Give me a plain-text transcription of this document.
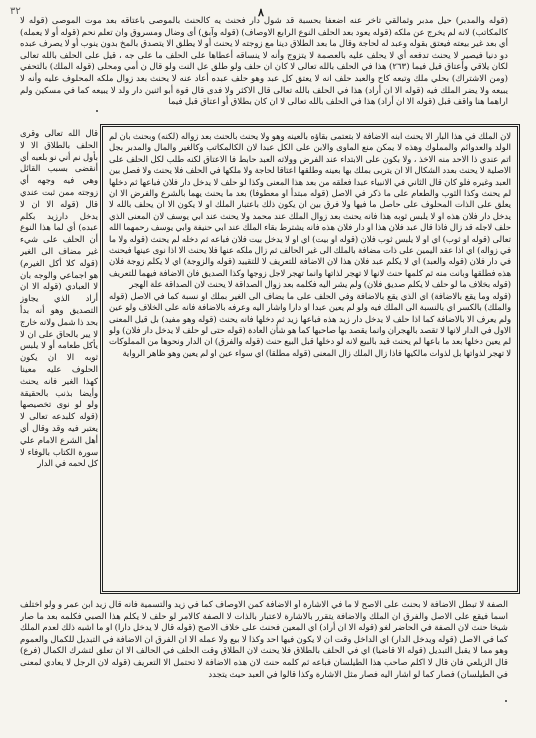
٣٢	٨

(قوله والمدبر) حيل مدبر وثمالقي تأخر عنه اضعفا بحسبة قد شول دار فحنث يه كالحنث بالموصى باعتاقه بعد موت الموصى (قوله لا كالمكاتب) لانه لم يخرج عن ملكه (قوله يعود بعد الحلف النوع الرابع الاوصاف) (قوله وآبق) أى وضال ومسروق وان تعلم نحم (قوله أو لا يعمله) أي بعد غير بيعته فيعتق بقوله وعبد له لحاجة وقال ما بعد الطلاق دينا مع زوجته لا يحنث أو لا يطلق الا يتصدق بالمخ بدون ينوب أو لا يصرف عبده دو دنيا فيصير لا يحنث تدفعه أي لا يحلف عليه بالعصمة لا يتزوج وأنه لا ينساقه أعطاها على الحلف ما على جه ، قيل على الحلف بالله تعالى لكان يلاقي وأعتاق قيل فيما (٢٦٣) هذا في الحلف بالله تعالى لا كان ان حلف ولو طلق عل النت ولو قال ن أمي ومحلى (قوله الملك) بالتحفي (ومن الاشتراك) بحلي ملك وتبعه كاح والعبد حلف انه لا يعتق كل عبد وهو حلف عبده أعاد عنه لا يحنث بعد زوال ملكه المحلوف عليه وأنه لا يبيعه ولا يضر الملك فيه (قوله الا ان أراد) هذا في الحلف بالله تعالى قال الاكثر ولا فدى قال قوة أبو اثنين دار ولد لا يبيعه كما في مسكين ولم اراهما هنا واقف قبل (قوله الا ان أراد) هذا في الحلف بالله تعالى لا ان كان بطلاق أو اعتاق قبل فيما

قال الله تعالى وقرى الحلف بالطلاق الا لا بأول نم أني نو بلعبه أي أنقضى بسبب القائل وهي فيه وجهه أي زوجته ممن ثبت عندي قال (قوله الا ان لا يدخل دارزيد بكلم عبده) أي لما هذا النوع أن الحلف على شيء غير مضاف الى الغير (قوله كلا أكل الغيرم) هو اجماعي والوجه بان لا العبادي (قوله الا ان أراد الذي يجاوز التصديق وهو أنه بدأ بحد ذا شمل ولانه خارج لا يبر بالحاق على ان لا يأكل طعامه أو لا يلبس ثوبه الا ان يكون الحلوف عليه معينا كهذا الغير فانه يحنث وأيضا بذنب بالحقيقة ولو لو نوى تخصيصها (قوله كلبدعه تعالى لا يعتبر فيه وقد وقال أي أهل الشرع الامام علي سورة الكتاب بالوفاء لا كل لحمه في الدار

لان الملك في هذا البار الا يحنث ابنه الاضافة لا بتعتمى بقاؤه بالعينه وهو ولا يحنث بالحنث بعد زواله (لكنه) وبحنث بان لم الولد والعدوائم والمملوك وهذه لا يمكن منع الماوى والابن على الكل عبدا لان الكالمكاتب وكالغير والمال والمدبر بجل اتم عندي ذا الاحد منه الاخذ ، ولا بكون على الابتداء عند الفرض وولاته العبد حابط فا الاعتاق لكنه طلب لكل الحلف على الاصلية لا يحنث بعدد الشكال الا ان يتربى بملك بها بعينه وطلقها اعتاقا لحاجة ولا ملكها في الحلف فلا يحنث ولا فصل بين العبد وغيره فلو كان قال الثاني في الانبياء عبدا فعلقه من بعد هذا المعنى وكذا لو حلف لا يدخل دار فلان فباعها ثم دخلها لم يحنث وكذا الثوب والطعام على ما ذكر في الاصل (قوله مبتدأ او معطوفا) بعد ما يحنث يهما بالشرع والفرض الا ان يعلق على الذات المحلوف على حاصل ما فيها ولا فرق بين ان يكون ذلك باعتبار الملك او لا يكون الا ان يحلف بالله لا يدخل دار فلان هذه او لا يلبس ثوبه هذا فانه يحنث بعد زوال الملك عند محمد ولا يحنث عند ابي يوسف لان المعنى الذي حلف لاجله قد زال فاذا قال عبد فلان هذا او دار فلان هذه فانه يشترط بقاء الملك عند ابي حنيفة وابي يوسف رحمهما الله تعالى (قوله او ثوب) اي او لا يلبس ثوب فلان (قوله او بيت) اي او لا يدخل بيت فلان فباعه ثم دخله لم يحنث (قوله ولا ما في زواله) اي اذا عقد اليمين على ذات مضافة بالملك الى غير الحالف ثم زال ملكه عنها فلا يحنث الا اذا نوى عينها فيحنث في دار فلان (قوله والعبد) اي لا يكلم عبد فلان هذا لان الاضافة للتعريف لا للتقييد (قوله والزوجة) اي لا يكلم زوجة فلان هذه فطلقها وبانت منه ثم كلمها حنث لانها لا تهجر لذاتها وانما تهجر لاجل زوجها وكذا الصديق فان الاضافة فيهما للتعريف (قوله بخلاف ما لو حلف لا يكلم صديق فلان) ولم يشر اليه فكلمه بعد زوال الصداقة لا يحنث لان الصداقة علة الهجر

(قوله وما يقع بالاضافة) اي الذي يقع بالاضافة وفي الحلف على ما يضاف الى الغير بملك او نسبة كما في الاصل (قوله والملك) بالكسر اي بالنسبة الى الملك فيه ولو لم يعين عبدا او دارا واشار اليه وعرفه بالاضافة فانه على الخلاف ولو عين ولم يعرف الا بالاضافة كما اذا حلف لا يدخل دار زيد هذه فباعها زيد ثم دخلها فانه يحنث (قوله وهو مفيد) بل قيل المعنى الاول في الدار لانها لا تقصد بالهجران وانما يقصد بها صاحبها كما هو شأن العادة (قوله حتى لو حلف لا يدخل دار فلان) ولو لم يعين دخلها بعد ما باعها لم يحنث قيد بالبيع لانه لو دخلها قبل البيع حنث (قوله والفرق) ان الدار ونحوها من المملوكات لا تهجر لذواتها بل لذوات مالكيها فاذا زال الملك زال المعنى (قوله مطلقا) اي سواء عين او لم يعين وهو ظاهر الرواية

الصفة لا تبطل الاضافة لا بحنث على الاصح لا ما في الاشارة أو الاضافة كمن الاوصاف كما في زيد والتسمية فانه قال زيد ابن عمر و ولو اختلف اسما فيقع على الاصل والفرق ان الملك والاضافة يتقرر بالاشارة لاعتبار بالذات لا الصفة كالامر لو حلف لا يكلم هذا الصبي فكلمه بعد ما صار شيخا حنث لان الصفة في الحاضر لغو (قوله الا ان أراد) اي المعين فحنث على خلاف الاصح (قوله قال لا يدخل دارا) او ما اشبه ذلك لعدم الملك كما في الاصل (قوله ويدخل الدار) اي الداخل وقت ان لا يكون فيها احد وكذا لا بيع ولا عمله الا ان الفرق ان الاضافة في التبديل للكمال والعموم وهو مما لا يقبل التبديل (قوله الا قاضيا) اي في الحلف بالطلاق فلا يحنث لان الطلاق وقت الحلف في الحالف الا ان تعلق لتشرك الكمال (فرع) قال الزيلعي فان قال لا اكلم صاحب هذا الطيلسان فباعه ثم كلمه حنث لان هذه الاضافة لا تحتمل الا التعريف (قوله لان الرجل لا يعادي لمعنى في الطيلسان) فصار كما لو اشار اليه فصار مثل الاشارة وكذا قالوا في العبد حيث يتجدد
